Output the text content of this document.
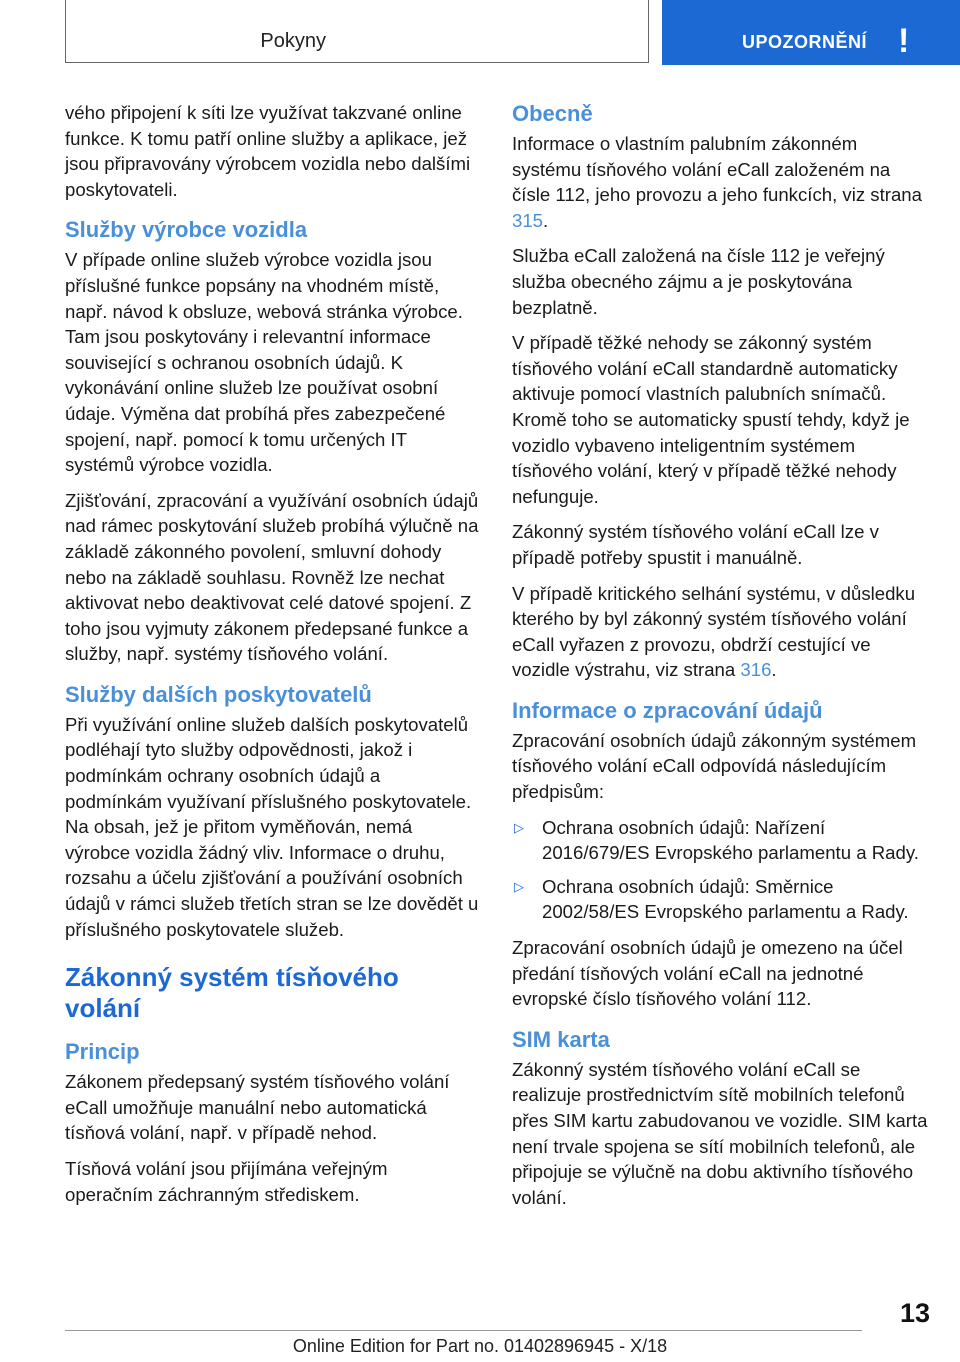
Pokyny	UPOZORNĚNÍ !

vého připojení k síti lze využívat takzvané online funkce. K tomu patří online služby a aplikace, jež jsou připravovány výrobcem vozidla nebo dalšími poskytovateli.

Služby výrobce vozidla

V případe online služeb výrobce vozidla jsou příslušné funkce popsány na vhodném místě, např. návod k obsluze, webová stránka výrobce. Tam jsou poskytovány i relevantní informace související s ochranou osobních údajů. K vykonávání online služeb lze používat osobní údaje. Výměna dat probíhá přes zabezpečené spojení, např. pomocí k tomu určených IT systémů výrobce vozidla.

Zjišťování, zpracování a využívání osobních údajů nad rámec poskytování služeb probíhá výlučně na základě zákonného povolení, smluvní dohody nebo na základě souhlasu. Rovněž lze nechat aktivovat nebo deaktivovat celé datové spojení. Z toho jsou vyjmuty zákonem předepsané funkce a služby, např. systémy tísňového volání.

Služby dalších poskytovatelů

Při využívání online služeb dalších poskytovatelů podléhají tyto služby odpovědnosti, jakož i podmínkám ochrany osobních údajů a podmínkám využívaní příslušného poskytovatele. Na obsah, jež je přitom vyměňován, nemá výrobce vozidla žádný vliv. Informace o druhu, rozsahu a účelu zjišťování a používání osobních údajů v rámci služeb třetích stran se lze dovědět u příslušného poskytovatele služeb.

Zákonný systém tísňového volání
Princip

Zákonem předepsaný systém tísňového volání eCall umožňuje manuální nebo automatická tísňová volání, např. v případě nehod.

Tísňová volání jsou přijímána veřejným operačním záchranným střediskem.

Obecně

Informace o vlastním palubním zákonném systému tísňového volání eCall založeném na čísle 112, jeho provozu a jeho funkcích, viz strana 315.

Služba eCall založená na čísle 112 je veřejný služba obecného zájmu a je poskytována bezplatně.

V případě těžké nehody se zákonný systém tísňového volání eCall standardně automaticky aktivuje pomocí vlastních palubních snímačů. Kromě toho se automaticky spustí tehdy, když je vozidlo vybaveno inteligentním systémem tísňového volání, který v případě těžké nehody nefunguje.

Zákonný systém tísňového volání eCall lze v případě potřeby spustit i manuálně.

V případě kritického selhání systému, v důsledku kterého by byl zákonný systém tísňového volání eCall vyřazen z provozu, obdrží cestující ve vozidle výstrahu, viz strana 316.

Informace o zpracování údajů

Zpracování osobních údajů zákonným systémem tísňového volání eCall odpovídá následujícím předpisům:

▷ Ochrana osobních údajů: Nařízení 2016/679/ES Evropského parlamentu a Rady.
▷ Ochrana osobních údajů: Směrnice 2002/58/ES Evropského parlamentu a Rady.

Zpracování osobních údajů je omezeno na účel předání tísňových volání eCall na jednotné evropské číslo tísňového volání 112.

SIM karta

Zákonný systém tísňového volání eCall se realizuje prostřednictvím sítě mobilních telefonů přes SIM kartu zabudovanou ve vozidle. SIM karta není trvale spojena se sítí mobilních telefonů, ale připojuje se výlučně na dobu aktivního tísňového volání.

13
Online Edition for Part no. 01402896945 - X/18
